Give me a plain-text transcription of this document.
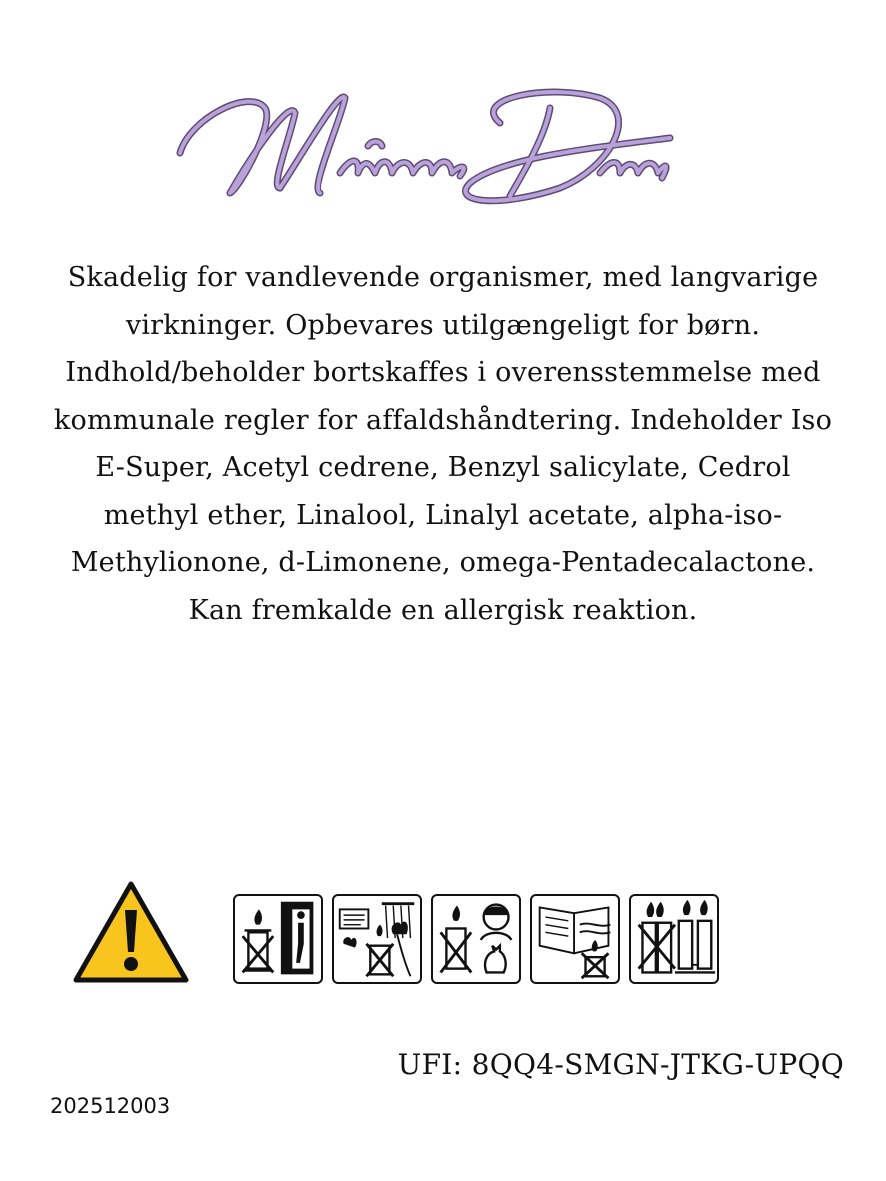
Skadelig for vandlevende organismer, med langvarige virkninger. Opbevares utilgængeligt for børn. Indhold/beholder bortskaffes i overensstemmelse med kommunale regler for affaldshåndtering. Indeholder Iso E-Super, Acetyl cedrene, Benzyl salicylate, Cedrol methyl ether, Linalool, Linalyl acetate, alpha-iso-Methylionone, d-Limonene, omega-Pentadecalactone. Kan fremkalde en allergisk reaktion.
UFI: 8QQ4-SMGN-JTKG-UPQQ
202512003
